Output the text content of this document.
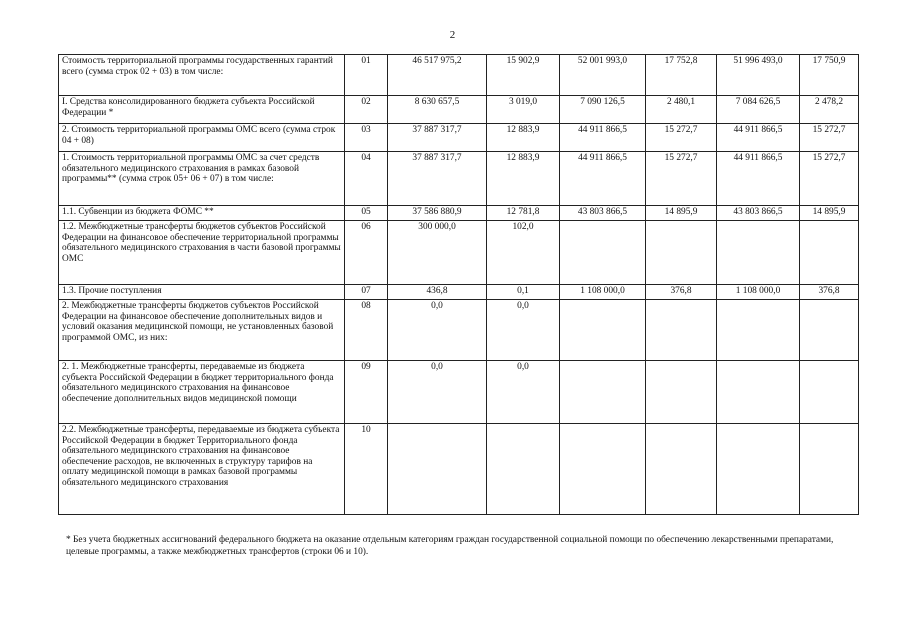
2
Стоимость территориальной программы государственных гарантий всего (сумма строк 02 + 03) в том числе:	01	46 517 975,2	15 902,9	52 001 993,0	17 752,8	51 996 493,0	17 750,9
I. Средства консолидированного бюджета субъекта Российской Федерации *	02	8 630 657,5	3 019,0	7 090 126,5	2 480,1	7 084 626,5	2 478,2
2. Стоимость территориальной программы ОМС всего (сумма строк 04 + 08)	03	37 887 317,7	12 883,9	44 911 866,5	15 272,7	44 911 866,5	15 272,7
1. Стоимость территориальной программы ОМС за счет средств обязательного медицинского страхования в рамках базовой программы** (сумма строк 05+ 06 + 07) в том числе:	04	37 887 317,7	12 883,9	44 911 866,5	15 272,7	44 911 866,5	15 272,7
1.1. Субвенции из бюджета ФОМС **	05	37 586 880,9	12 781,8	43 803 866,5	14 895,9	43 803 866,5	14 895,9
1.2. Межбюджетные трансферты бюджетов субъектов Российской Федерации на финансовое обеспечение территориальной программы обязательного медицинского страхования в части базовой программы ОМС	06	300 000,0	102,0				
1.3. Прочие поступления	07	436,8	0,1	1 108 000,0	376,8	1 108 000,0	376,8
2. Межбюджетные трансферты бюджетов субъектов Российской Федерации на финансовое обеспечение дополнительных видов и условий оказания медицинской помощи, не установленных базовой программой ОМС, из них:	08	0,0	0,0				
2. 1. Межбюджетные трансферты, передаваемые из бюджета субъекта Российской Федерации в бюджет территориального фонда обязательного медицинского страхования на финансовое обеспечение дополнительных видов медицинской помощи	09	0,0	0,0				
2.2. Межбюджетные трансферты, передаваемые из бюджета субъекта Российской Федерации в бюджет Территориального фонда обязательного медицинского страхования на финансовое обеспечение расходов, не включенных в структуру тарифов на оплату медицинской помощи в рамках базовой программы обязательного медицинского страхования	10						
* Без учета бюджетных ассигнований федерального бюджета на оказание отдельным категориям граждан государственной социальной помощи по обеспечению лекарственными препаратами, целевые программы, а также межбюджетных трансфертов (строки 06 и 10).
